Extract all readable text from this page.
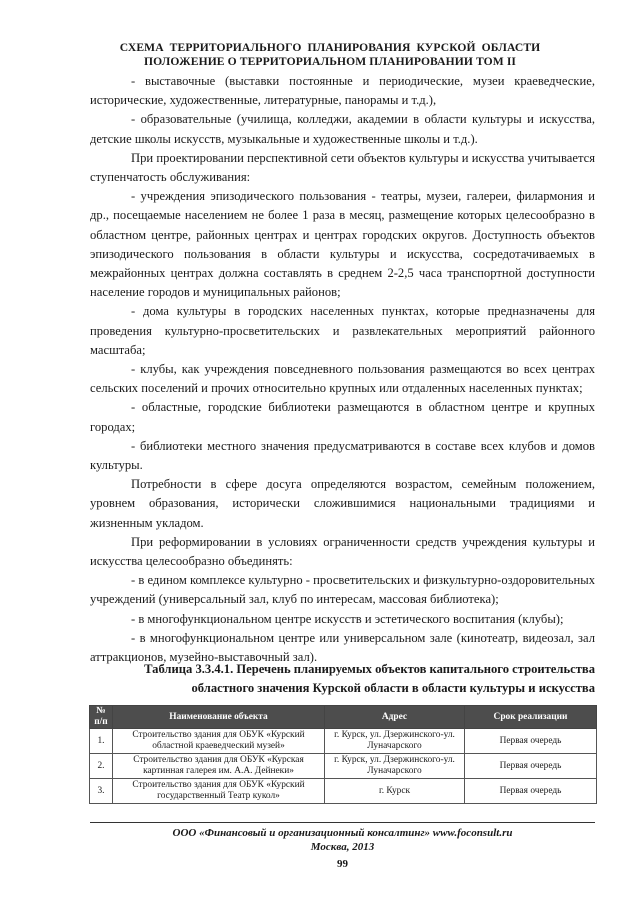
СХЕМА ТЕРРИТОРИАЛЬНОГО ПЛАНИРОВАНИЯ КУРСКОЙ ОБЛАСТИ
ПОЛОЖЕНИЕ О ТЕРРИТОРИАЛЬНОМ ПЛАНИРОВАНИИ ТОМ II

- выставочные (выставки постоянные и периодические, музеи краеведческие, исторические, художественные, литературные, панорамы и т.д.),

- образовательные (училища, колледжи, академии в области культуры и искусства, детские школы искусств, музыкальные и художественные школы и т.д.).

При проектировании перспективной сети объектов культуры и искусства учитывается ступенчатость обслуживания:

- учреждения эпизодического пользования - театры, музеи, галереи, филармония и др., посещаемые населением не более 1 раза в месяц, размещение которых целесообразно в областном центре, районных центрах и центрах городских округов. Доступность объектов эпизодического пользования в области культуры и искусства, сосредотачиваемых в межрайонных центрах должна составлять в среднем 2-2,5 часа транспортной доступности население городов и муниципальных районов;

- дома культуры в городских населенных пунктах, которые предназначены для проведения культурно-просветительских и развлекательных мероприятий районного масштаба;

- клубы, как учреждения повседневного пользования размещаются во всех центрах сельских поселений и прочих относительно крупных или отдаленных населенных пунктах;

- областные, городские библиотеки размещаются в областном центре и крупных городах;

- библиотеки местного значения предусматриваются в составе всех клубов и домов культуры.

Потребности в сфере досуга определяются возрастом, семейным положением, уровнем образования, исторически сложившимися национальными традициями и жизненным укладом.

При реформировании в условиях ограниченности средств учреждения культуры и искусства целесообразно объединять:

- в едином комплексе культурно - просветительских и физкультурно-оздоровительных учреждений (универсальный зал, клуб по интересам, массовая библиотека);

- в многофункциональном центре искусств и эстетического воспитания (клубы);

- в многофункциональном центре или универсальном зале (кинотеатр, видеозал, зал аттракционов, музейно-выставочный зал).

Таблица 3.3.4.1. Перечень планируемых объектов капитального строительства
областного значения Курской области в области культуры и искусства
№ п/п	Наименование объекта	Адрес	Срок реализации
1.	Строительство здания для ОБУК «Курский областной краеведческий музей»	г. Курск, ул. Дзержинского-ул. Луначарского	Первая очередь
2.	Строительство здания для ОБУК «Курская картинная галерея им. А.А. Дейнеки»	г. Курск, ул. Дзержинского-ул. Луначарского	Первая очередь
3.	Строительство здания для ОБУК «Курский государственный Театр кукол»	г. Курск	Первая очередь
ООО «Финансовый и организационный консалтинг» www.foconsult.ru
Москва, 2013
99
